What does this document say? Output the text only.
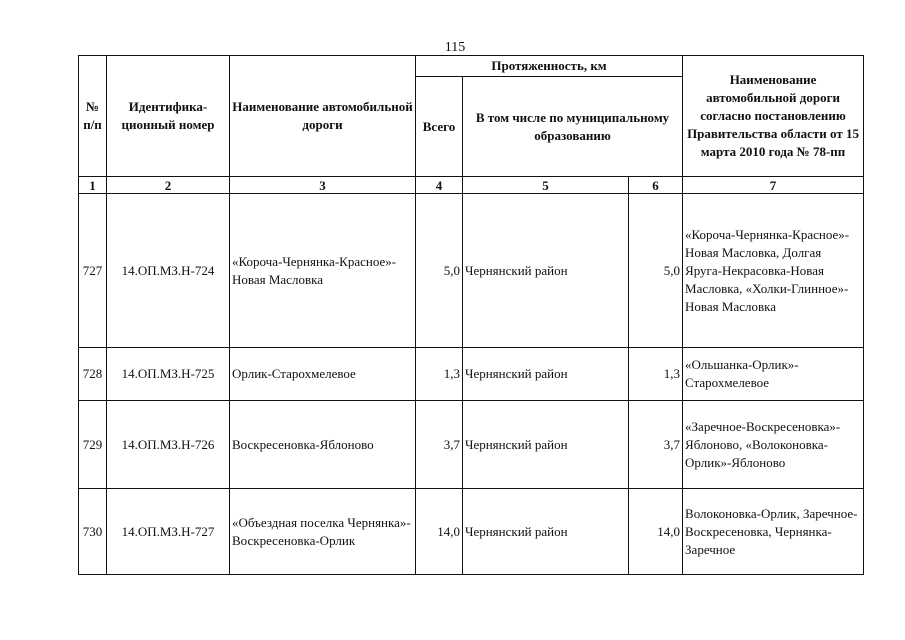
115
№ п/п	Идентифика-ционный номер	Наименование автомобильной дороги	Протяженность, км			Наименование автомобильной дороги согласно постановлению Правительства области от 15 марта 2010 года № 78-пп
			Всего	В том числе по муниципальному образованию		
1	2	3	4	5	6	7
727	14.ОП.МЗ.Н-724	«Короча-Чернянка-Красное»-Новая Масловка	5,0	Чернянский район	5,0	«Короча-Чернянка-Красное»-Новая Масловка, Долгая Яруга-Некрасовка-Новая Масловка, «Холки-Глинное»-Новая Масловка
728	14.ОП.МЗ.Н-725	Орлик-Старохмелевое	1,3	Чернянский район	1,3	«Ольшанка-Орлик»-Старохмелевое
729	14.ОП.МЗ.Н-726	Воскресеновка-Яблоново	3,7	Чернянский район	3,7	«Заречное-Воскресеновка»-Яблоново, «Волоконовка-Орлик»-Яблоново
730	14.ОП.МЗ.Н-727	«Объездная поселка Чернянка»-Воскресеновка-Орлик	14,0	Чернянский район	14,0	Волоконовка-Орлик, Заречное-Воскресеновка, Чернянка-Заречное
